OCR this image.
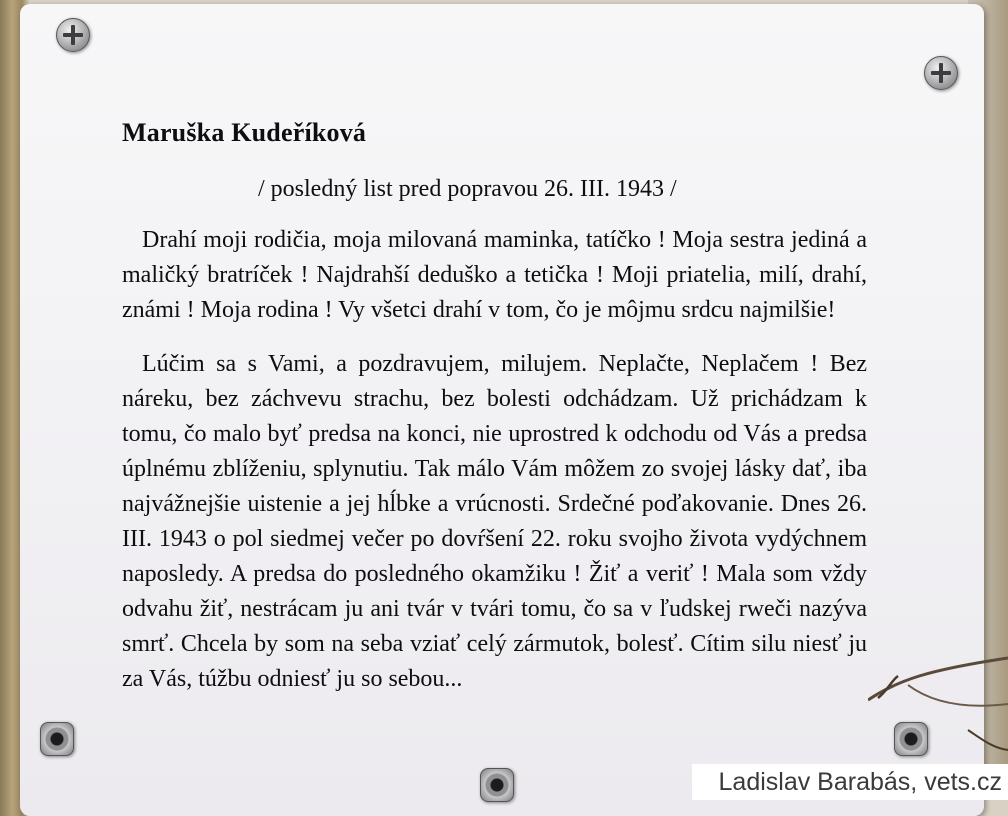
Maruška Kudeříková
/ posledný list pred popravou 26. III. 1943 /

Drahí moji rodičia, moja milovaná maminka, tatíčko ! Moja sestra jediná a maličký bratríček ! Najdrahší deduško a tetička ! Moji priatelia, milí, drahí, známi ! Moja rodina ! Vy všetci drahí v tom, čo je môjmu srdcu najmilšie!

Lúčim sa s Vami, a pozdravujem, milujem. Neplačte, Neplačem ! Bez náreku, bez záchvevu strachu, bez bolesti odchádzam. Už prichádzam k tomu, čo malo byť predsa na konci, nie uprostred k odchodu od Vás a predsa úplnému zblíženiu, splynutiu. Tak málo Vám môžem zo svojej lásky dať, iba najvážnejšie uistenie a jej hĺbke a vrúcnosti. Srdečné poďakovanie. Dnes 26. III. 1943 o pol siedmej večer po dovŕšení 22. roku svojho života vydýchnem naposledy. A predsa do posledného okamžiku ! Žiť a veriť ! Mala som vždy odvahu žiť, nestrácam ju ani tvár v tvári tomu, čo sa v ľudskej rweči nazýva smrť. Chcela by som na seba vziať celý zármutok, bolesť. Cítim silu niesť ju za Vás, túžbu odniesť ju so sebou...

Ladislav Barabás, vets.cz
